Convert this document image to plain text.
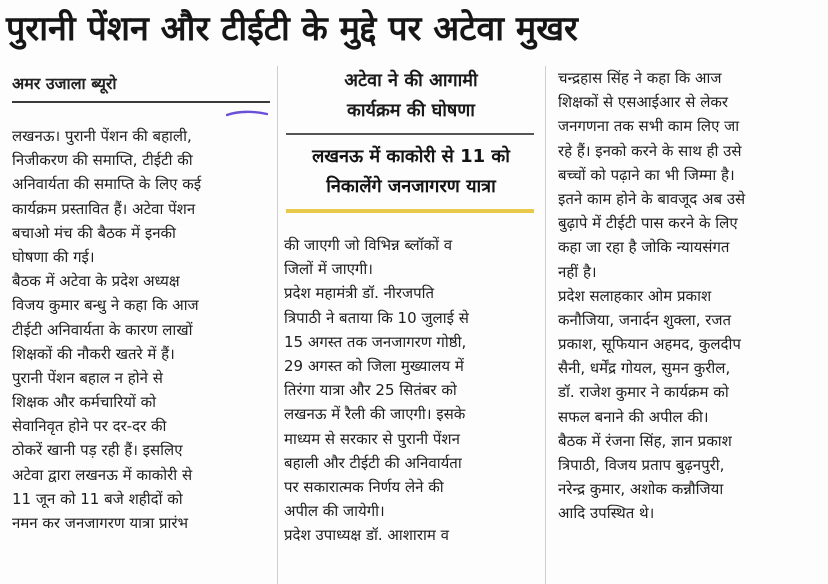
पुरानी पेंशन और टीईटी के मुद्दे पर अटेवा मुखर
अमर उजाला ब्यूरो
लखनऊ। पुरानी पेंशन की बहाली,
निजीकरण की समाप्ति, टीईटी की
अनिवार्यता की समाप्ति के लिए कई
कार्यक्रम प्रस्तावित हैं। अटेवा पेंशन
बचाओ मंच की बैठक में इनकी
घोषणा की गई।
बैठक में अटेवा के प्रदेश अध्यक्ष
विजय कुमार बन्धु ने कहा कि आज
टीईटी अनिवार्यता के कारण लाखों
शिक्षकों की नौकरी खतरे में हैं।
पुरानी पेंशन बहाल न होने से
शिक्षक और कर्मचारियों को
सेवानिवृत होने पर दर-दर की
ठोकरें खानी पड़ रही हैं। इसलिए
अटेवा द्वारा लखनऊ में काकोरी से
11 जून को 11 बजे शहीदों को
नमन कर जनजागरण यात्रा प्रारंभ
अटेवा ने की आगामी
कार्यक्रम की घोषणा
लखनऊ में काकोरी से 11 को
निकालेंगे जनजागरण यात्रा
की जाएगी जो विभिन्न ब्लॉकों व
जिलों में जाएगी।
प्रदेश महामंत्री डॉ. नीरजपति
त्रिपाठी ने बताया कि 10 जुलाई से
15 अगस्त तक जनजागरण गोष्ठी,
29 अगस्त को जिला मुख्यालय में
तिरंगा यात्रा और 25 सितंबर को
लखनऊ में रैली की जाएगी। इसके
माध्यम से सरकार से पुरानी पेंशन
बहाली और टीईटी की अनिवार्यता
पर सकारात्मक निर्णय लेने की
अपील की जायेगी।
प्रदेश उपाध्यक्ष डॉ. आशाराम व
चन्द्रहास सिंह ने कहा कि आज
शिक्षकों से एसआईआर से लेकर
जनगणना तक सभी काम लिए जा
रहे हैं। इनको करने के साथ ही उसे
बच्चों को पढ़ाने का भी जिम्मा है।
इतने काम होने के बावजूद अब उसे
बुढ़ापे में टीईटी पास करने के लिए
कहा जा रहा है जोकि न्यायसंगत
नहीं है।
प्रदेश सलाहकार ओम प्रकाश
कनौजिया, जनार्दन शुक्ला, रजत
प्रकाश, सूफियान अहमद, कुलदीप
सैनी, धर्मेंद्र गोयल, सुमन कुरील,
डॉ. राजेश कुमार ने कार्यक्रम को
सफल बनाने की अपील की।
बैठक में रंजना सिंह, ज्ञान प्रकाश
त्रिपाठी, विजय प्रताप बुढ़नपुरी,
नरेन्द्र कुमार, अशोक कन्नौजिया
आदि उपस्थित थे।
